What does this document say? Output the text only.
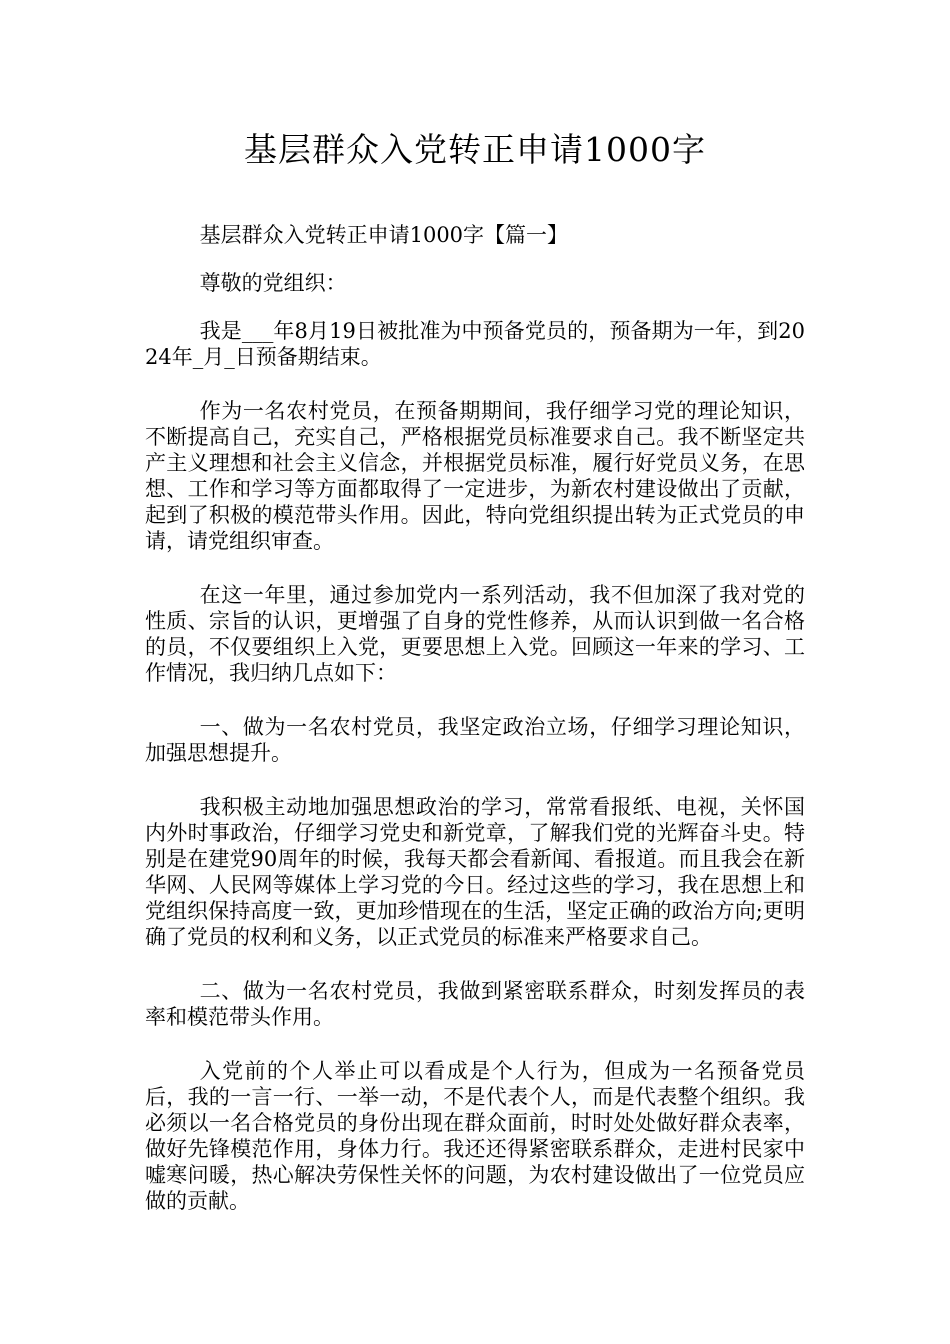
基层群众入党转正申请1000字

基层群众入党转正申请1000字【篇一】

尊敬的党组织：

我是___年8月19日被批准为中预备党员的，预备期为一年，到2024年_月_日预备期结束。

作为一名农村党员，在预备期期间，我仔细学习党的理论知识，不断提高自己，充实自己，严格根据党员标准要求自己。我不断坚定共产主义理想和社会主义信念，并根据党员标准，履行好党员义务，在思想、工作和学习等方面都取得了一定进步，为新农村建设做出了贡献，起到了积极的模范带头作用。因此，特向党组织提出转为正式党员的申请，请党组织审查。

在这一年里，通过参加党内一系列活动，我不但加深了我对党的性质、宗旨的认识，更增强了自身的党性修养，从而认识到做一名合格的员，不仅要组织上入党，更要思想上入党。回顾这一年来的学习、工作情况，我归纳几点如下：

一、做为一名农村党员，我坚定政治立场，仔细学习理论知识，加强思想提升。

我积极主动地加强思想政治的学习，常常看报纸、电视，关怀国内外时事政治，仔细学习党史和新党章，了解我们党的光辉奋斗史。特别是在建党90周年的时候，我每天都会看新闻、看报道。而且我会在新华网、人民网等媒体上学习党的今日。经过这些的学习，我在思想上和党组织保持高度一致，更加珍惜现在的生活，坚定正确的政治方向;更明确了党员的权利和义务，以正式党员的标准来严格要求自己。

二、做为一名农村党员，我做到紧密联系群众，时刻发挥员的表率和模范带头作用。

入党前的个人举止可以看成是个人行为，但成为一名预备党员后，我的一言一行、一举一动，不是代表个人，而是代表整个组织。我必须以一名合格党员的身份出现在群众面前，时时处处做好群众表率，做好先锋模范作用，身体力行。我还还得紧密联系群众，走进村民家中嘘寒问暖，热心解决劳保性关怀的问题，为农村建设做出了一位党员应做的贡献。
